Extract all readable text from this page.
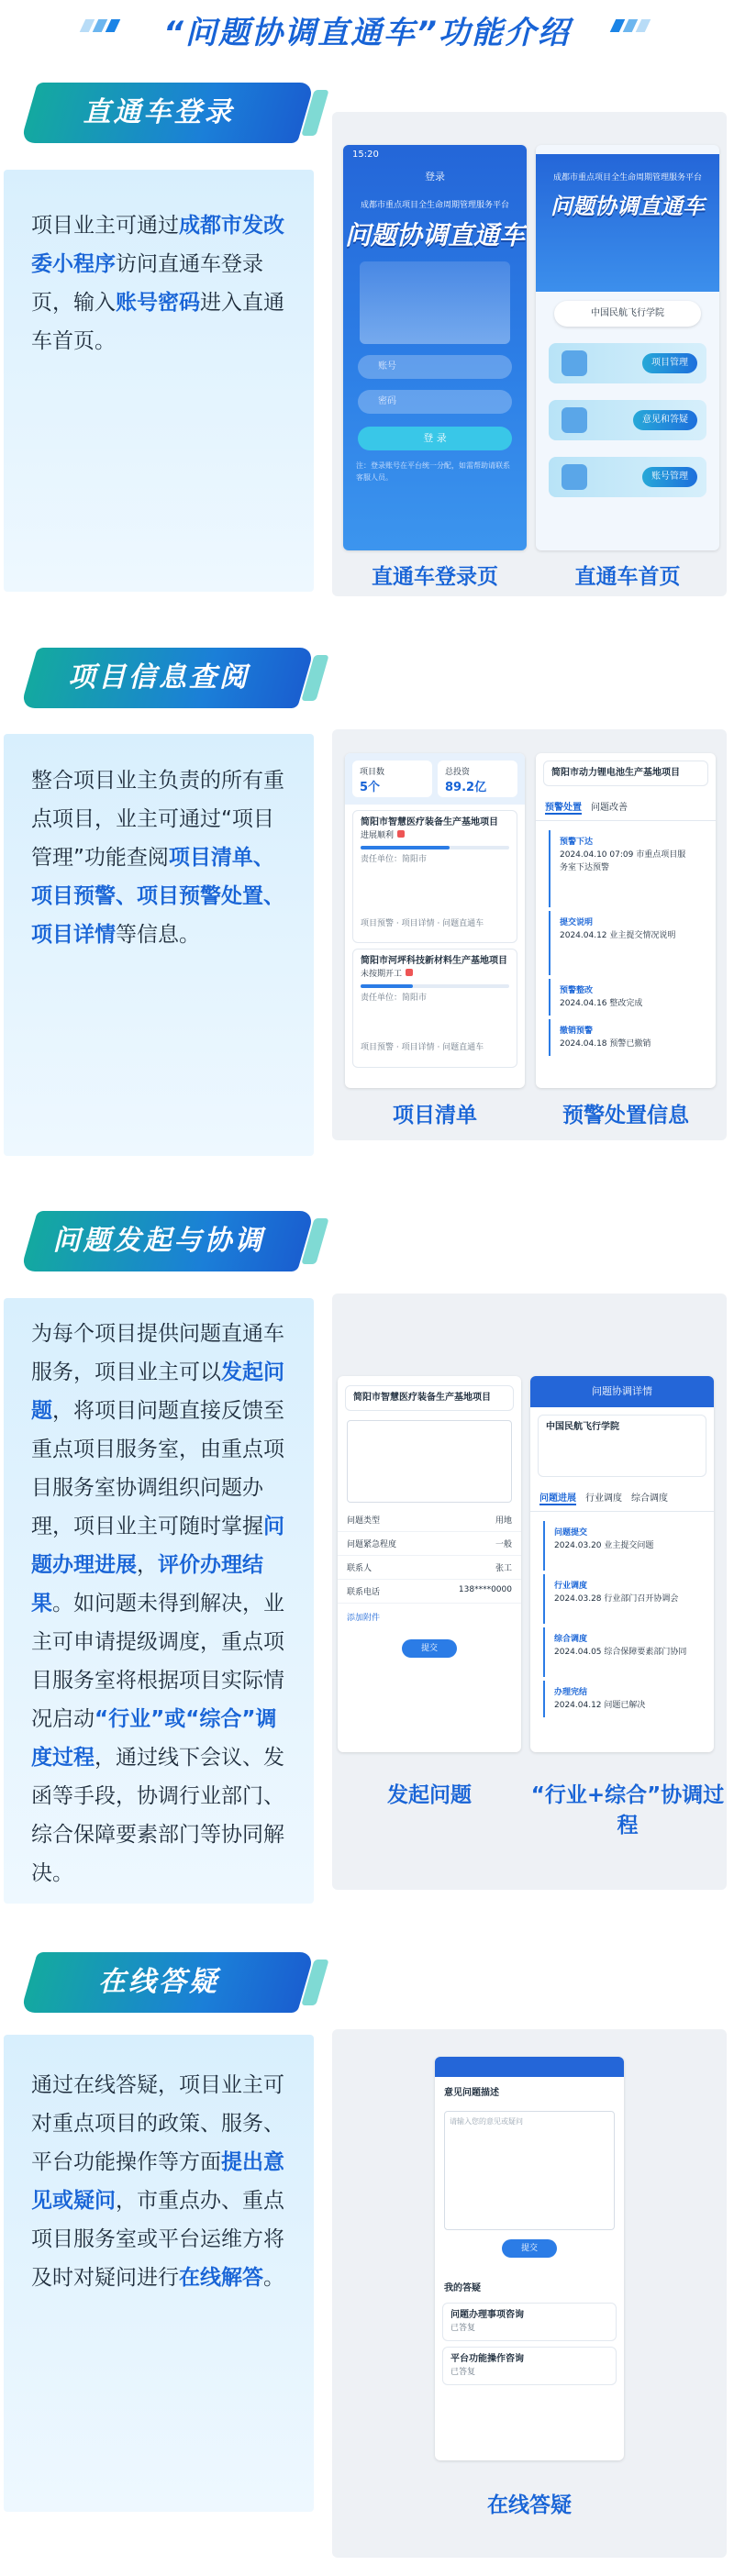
“问题协调直通车”功能介绍
直通车登录
项目业主可通过成都市发改委小程序访问直通车登录页，输入账号密码进入直通车首页。
15:20
登录
成都市重点项目全生命周期管理服务平台
问题协调直通车
账号
密码
登 录
注：登录账号在平台统一分配，如需帮助请联系客服人员。
成都市重点项目全生命周期管理服务平台
问题协调直通车
中国民航飞行学院
项目管理
意见和答疑
账号管理
直通车登录页	直通车首页
项目信息查阅
整合项目业主负责的所有重点项目，业主可通过“项目管理”功能查阅项目清单、项目预警、项目预警处置、项目详情等信息。
项目数
5个
总投资
89.2亿
简阳市智慧医疗装备生产基地项目
进展顺利
责任单位：简阳市
项目预警 · 项目详情 · 问题直通车
简阳市河坪科技新材料生产基地项目
未按期开工
责任单位：简阳市
项目预警 · 项目详情 · 问题直通车
简阳市动力锂电池生产基地项目
预警处置 问题改善
预警下达
2024.04.10 07:09 市重点项目服务室下达预警
提交说明
2024.04.12 业主提交情况说明
预警整改
2024.04.16 整改完成
撤销预警
2024.04.18 预警已撤销
项目清单	预警处置信息
问题发起与协调
为每个项目提供问题直通车服务，项目业主可以发起问题，将项目问题直接反馈至重点项目服务室，由重点项目服务室协调组织问题办理，项目业主可随时掌握问题办理进展，评价办理结果。如问题未得到解决，业主可申请提级调度，重点项目服务室将根据项目实际情况启动“行业”或“综合”调度过程，通过线下会议、发函等手段，协调行业部门、综合保障要素部门等协同解决。
简阳市智慧医疗装备生产基地项目
问题类型	用地
问题紧急程度	一般
联系人	张工
联系电话	138****0000
添加附件
提交
问题协调详情
中国民航飞行学院
问题进展 行业调度 综合调度
问题提交
2024.03.20 业主提交问题
行业调度
2024.03.28 行业部门召开协调会
综合调度
2024.04.05 综合保障要素部门协同
办理完结
2024.04.12 问题已解决
发起问题	“行业+综合”协调过程
在线答疑
通过在线答疑，项目业主可对重点项目的政策、服务、平台功能操作等方面提出意见或疑问，市重点办、重点项目服务室或平台运维方将及时对疑问进行在线解答。
意见问题描述
请输入您的意见或疑问
提交
我的答疑
问题办理事项咨询
已答复
平台功能操作咨询
已答复
在线答疑
